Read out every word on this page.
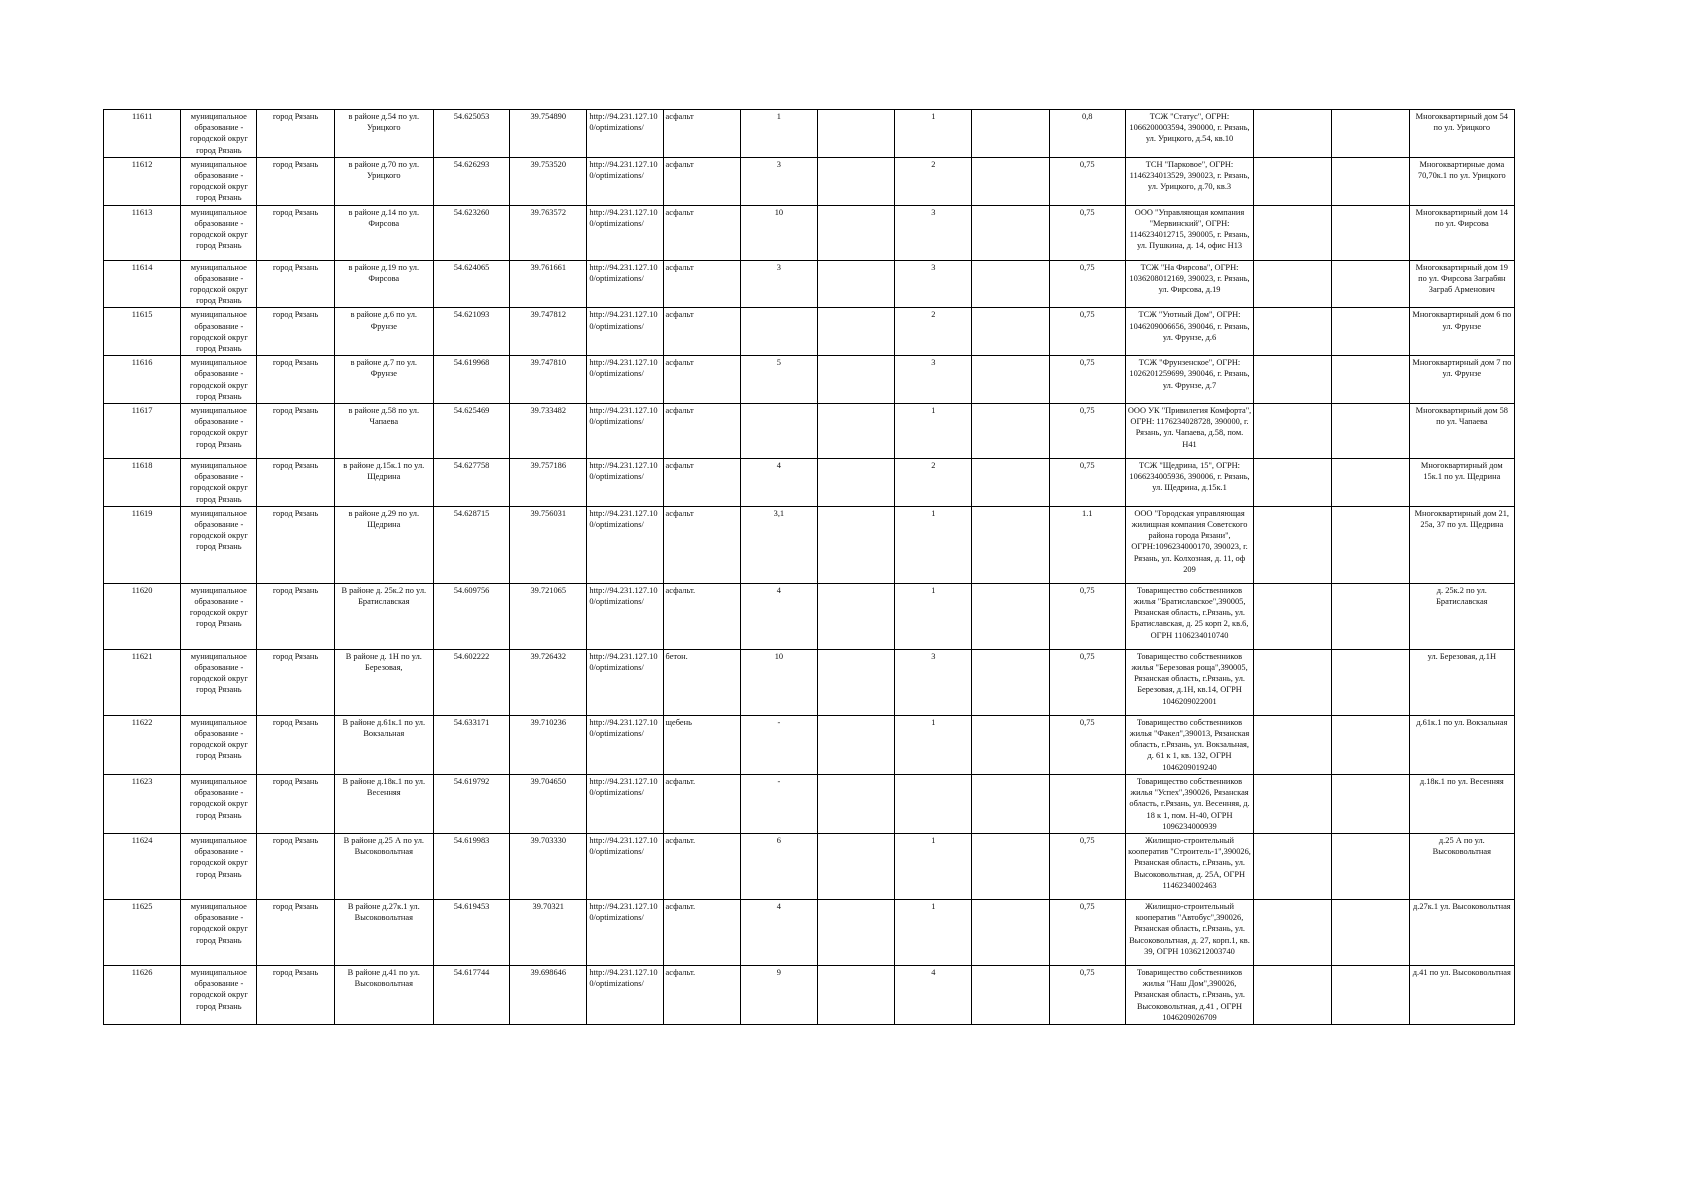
11611	муниципальное образование - городской округ город Рязань	город Рязань	в районе д.54 по ул. Урицкого	54.625053	39.754890	http://94.231.127.100/optimizations/	асфальт	1		1		0,8	ТСЖ "Статус", ОГРН: 1066200003594, 390000, г. Рязань, ул. Урицкого, д.54, кв.10			Многоквартирный дом 54 по ул. Урицкого
11612	муниципальное образование - городской округ город Рязань	город Рязань	в районе д.70 по ул. Урицкого	54.626293	39.753520	http://94.231.127.100/optimizations/	асфальт	3		2		0,75	ТСН "Парковое", ОГРН: 1146234013529, 390023, г. Рязань, ул. Урицкого, д.70, кв.3			Многоквартирные дома 70,70к.1 по ул. Урицкого
11613	муниципальное образование - городской округ город Рязань	город Рязань	в районе д.14 по ул. Фирсова	54.623260	39.763572	http://94.231.127.100/optimizations/	асфальт	10		3		0,75	ООО "Управляющая компания "Мервинский", ОГРН: 1146234012715, 390005, г. Рязань, ул. Пушкина, д. 14, офис Н13			Многоквартирный дом 14 по ул. Фирсова
11614	муниципальное образование - городской округ город Рязань	город Рязань	в районе д.19 по ул. Фирсова	54.624065	39.761661	http://94.231.127.100/optimizations/	асфальт	3		3		0,75	ТСЖ "На Фирсова", ОГРН: 1036208012169, 390023, г. Рязань, ул. Фирсова, д.19			Многоквартирный дом 19 по ул. Фирсова Заграбян Заграб Арменович
11615	муниципальное образование - городской округ город Рязань	город Рязань	в районе д.6 по ул. Фрунзе	54.621093	39.747812	http://94.231.127.100/optimizations/	асфальт			2		0,75	ТСЖ "Уютный Дом", ОГРН: 1046209006656, 390046, г. Рязань, ул. Фрунзе, д.6			Многоквартирный дом 6 по ул. Фрунзе
11616	муниципальное образование - городской округ город Рязань	город Рязань	в районе д.7 по ул. Фрунзе	54.619968	39.747810	http://94.231.127.100/optimizations/	асфальт	5		3		0,75	ТСЖ "Фрунзенское", ОГРН: 1026201259699, 390046, г. Рязань, ул. Фрунзе, д.7			Многоквартирный дом 7 по ул. Фрунзе
11617	муниципальное образование - городской округ город Рязань	город Рязань	в районе д.58 по ул. Чапаева	54.625469	39.733482	http://94.231.127.100/optimizations/	асфальт			1		0,75	ООО УК "Привилегия Комфорта", ОГРН: 1176234028728, 390000, г. Рязань, ул. Чапаева, д.58, пом. Н41			Многоквартирный дом 58 по ул. Чапаева
11618	муниципальное образование - городской округ город Рязань	город Рязань	в районе д.15к.1 по ул. Щедрина	54.627758	39.757186	http://94.231.127.100/optimizations/	асфальт	4		2		0,75	ТСЖ "Щедрина, 15", ОГРН: 1066234005936, 390006, г. Рязань, ул. Щедрина, д.15к.1			Многоквартирный дом 15к.1 по ул. Щедрина
11619	муниципальное образование - городской округ город Рязань	город Рязань	в районе д.29 по ул. Щедрина	54.628715	39.756031	http://94.231.127.100/optimizations/	асфальт	3,1		1		1.1	ООО "Городская управляющая жилищная компания Советского района города Рязани", ОГРН:1096234000170, 390023, г. Рязань, ул. Колхозная, д. 11, оф 209			Многоквартирный дом 21, 25а, 37 по ул. Щедрина
11620	муниципальное образование - городской округ город Рязань	город Рязань	В районе д. 25к.2 по ул. Братиславская	54.609756	39.721065	http://94.231.127.100/optimizations/	асфальт.	4		1		0,75	Товарищество собственников жилья "Братиславское",390005, Рязанская область, г.Рязань, ул. Братиславская, д. 25 корп 2, кв.6, ОГРН 1106234010740			д. 25к.2 по ул. Братиславская
11621	муниципальное образование - городской округ город Рязань	город Рязань	В районе д. 1Н по ул. Березовая,	54.602222	39.726432	http://94.231.127.100/optimizations/	бетон.	10		3		0,75	Товарищество собственников жилья "Березовая роща",390005, Рязанская область, г.Рязань, ул. Березовая, д.1Н, кв.14, ОГРН 1046209022001			ул. Березовая, д.1Н
11622	муниципальное образование - городской округ город Рязань	город Рязань	В районе д.61к.1 по ул. Вокзальная	54.633171	39.710236	http://94.231.127.100/optimizations/	щебень	-		1		0,75	Товарищество собственников жилья "Факел",390013, Рязанская область, г.Рязань, ул. Вокзальная, д. 61 к 1, кв. 132, ОГРН 1046209019240			д.61к.1 по ул. Вокзальная
11623	муниципальное образование - городской округ город Рязань	город Рязань	В районе д.18к.1 по ул. Весенняя	54.619792	39.704650	http://94.231.127.100/optimizations/	асфальт.	-					Товарищество собственников жилья "Успех",390026, Рязанская область, г.Рязань, ул. Весенняя, д. 18 к 1, пом. Н-40, ОГРН 1096234000939			д.18к.1 по ул. Весенняя
11624	муниципальное образование - городской округ город Рязань	город Рязань	В районе д.25 А по ул. Высоковольтная	54.619983	39.703330	http://94.231.127.100/optimizations/	асфальт.	6		1		0,75	Жилищно-строительный кооператив "Строитель-1",390026, Рязанская область, г.Рязань, ул. Высоковольтная, д. 25А, ОГРН 1146234002463			д.25 А по ул. Высоковольтная
11625	муниципальное образование - городской округ город Рязань	город Рязань	В районе д.27к.1 ул. Высоковольтная	54.619453	39.70321	http://94.231.127.100/optimizations/	асфальт.	4		1		0,75	Жилищно-строительный кооператив "Автобус",390026, Рязанская область, г.Рязань, ул. Высоковольтная, д. 27, корп.1, кв. 39, ОГРН 1036212003740			д.27к.1 ул. Высоковольтная
11626	муниципальное образование - городской округ город Рязань	город Рязань	В районе д.41 по ул. Высоковольтная	54.617744	39.698646	http://94.231.127.100/optimizations/	асфальт.	9		4		0,75	Товарищество собственников жилья "Наш Дом",390026, Рязанская область, г.Рязань, ул. Высоковольтная, д.41 , ОГРН 1046209026709			д.41 по ул. Высоковольтная
